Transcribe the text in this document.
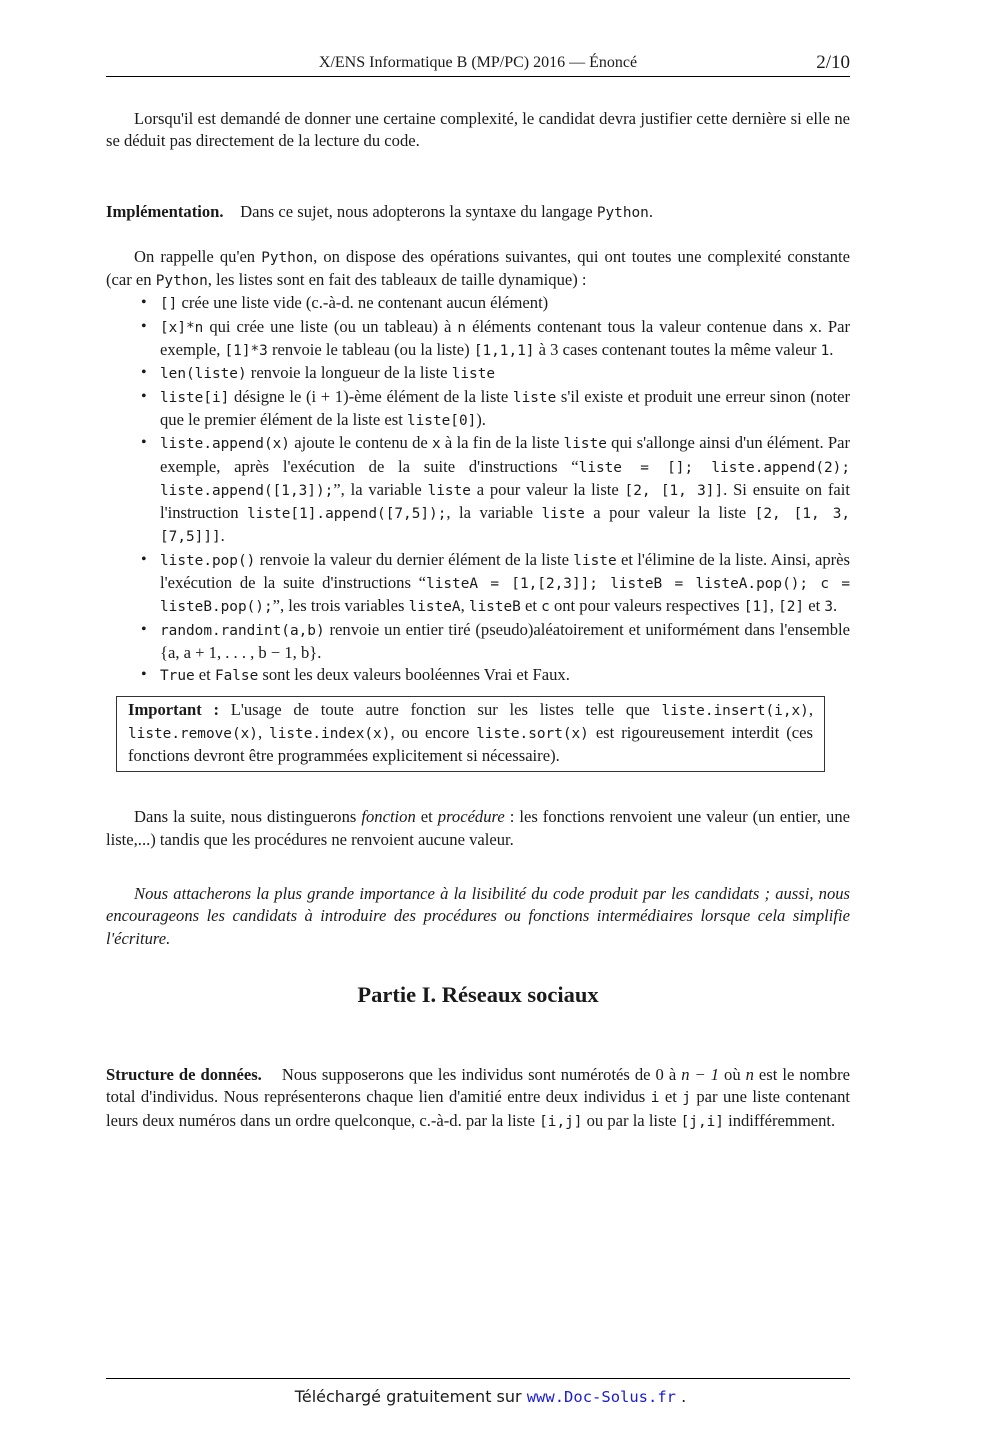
X/ENS Informatique B (MP/PC) 2016 — Énoncé	2/10

Lorsqu'il est demandé de donner une certaine complexité, le candidat devra justifier cette dernière si elle ne se déduit pas directement de la lecture du code.

Implémentation. Dans ce sujet, nous adopterons la syntaxe du langage Python.

On rappelle qu'en Python, on dispose des opérations suivantes, qui ont toutes une complexité constante (car en Python, les listes sont en fait des tableaux de taille dynamique) :

• [] crée une liste vide (c.-à-d. ne contenant aucun élément)
• [x]*n qui crée une liste (ou un tableau) à n éléments contenant tous la valeur contenue dans x. Par exemple, [1]*3 renvoie le tableau (ou la liste) [1,1,1] à 3 cases contenant toutes la même valeur 1.
• len(liste) renvoie la longueur de la liste liste
• liste[i] désigne le (i + 1)-ème élément de la liste liste s'il existe et produit une erreur sinon (noter que le premier élément de la liste est liste[0]).
• liste.append(x) ajoute le contenu de x à la fin de la liste liste qui s'allonge ainsi d'un élément. Par exemple, après l'exécution de la suite d'instructions “liste = []; liste.append(2); liste.append([1,3]);”, la variable liste a pour valeur la liste [2, [1, 3]]. Si ensuite on fait l'instruction liste[1].append([7,5]);, la variable liste a pour valeur la liste [2, [1, 3, [7,5]]].
• liste.pop() renvoie la valeur du dernier élément de la liste liste et l'élimine de la liste. Ainsi, après l'exécution de la suite d'instructions “listeA = [1,[2,3]]; listeB = listeA.pop(); c = listeB.pop();”, les trois variables listeA, listeB et c ont pour valeurs respectives [1], [2] et 3.
• random.randint(a,b) renvoie un entier tiré (pseudo)aléatoirement et uniformément dans l'ensemble {a, a + 1, . . . , b − 1, b}.
• True et False sont les deux valeurs booléennes Vrai et Faux.
Important : L'usage de toute autre fonction sur les listes telle que liste.insert(i,x), liste.remove(x), liste.index(x), ou encore liste.sort(x) est rigoureusement interdit (ces fonctions devront être programmées explicitement si nécessaire).

Dans la suite, nous distinguerons fonction et procédure : les fonctions renvoient une valeur (un entier, une liste,...) tandis que les procédures ne renvoient aucune valeur.

Nous attacherons la plus grande importance à la lisibilité du code produit par les candidats ; aussi, nous encourageons les candidats à introduire des procédures ou fonctions intermédiaires lorsque cela simplifie l'écriture.

Partie I. Réseaux sociaux

Structure de données. Nous supposerons que les individus sont numérotés de 0 à n − 1 où n est le nombre total d'individus. Nous représenterons chaque lien d'amitié entre deux individus i et j par une liste contenant leurs deux numéros dans un ordre quelconque, c.-à-d. par la liste [i,j] ou par la liste [j,i] indifféremment.

Téléchargé gratuitement sur www.Doc-Solus.fr .
